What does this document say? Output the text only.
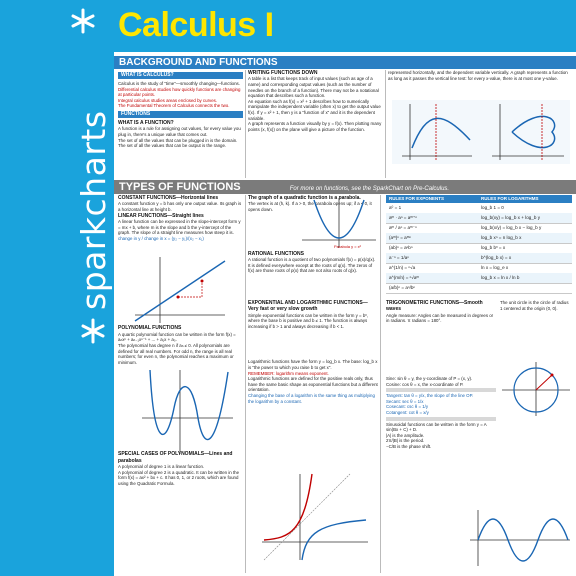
Calculus I
sparkcharts
BACKGROUND AND FUNCTIONS
WHAT IS CALCULUS?
Calculus is the study of "time"—smoothly changing—functions.
Differential calculus studies how quickly functions are changing at particular points.
Integral calculus studies areas enclosed by curves.
The Fundamental Theorem of Calculus connects the two.
FUNCTIONS
WHAT IS A FUNCTION?
A function is a rule for assigning out values, for every value you plug in, there's a unique value that comes out.
The set of all the values that can be plugged in is the domain.
The set of all the values that can be output is the range.
WRITING FUNCTIONS DOWN
A table is a list that keeps track of input values (such as age of a name) and corresponding output values (such as the number of needles on the branch of a function). There may not be a notational equation that describes such a function.
An equation such as f(x) = x² + 1 describes how to numerically manipulate the independent variable (often x) to get the output value f(x). If y = x² + 1, then y is a "function of x" and it is the dependent variable.
A graph represents a function visually by y = f(x). Then plotting many points (x, f(x)) on the plane will give a picture of the function.
represented horizontally, and the dependent variable vertically. A graph represents a function as long as it passes the vertical line test: for every x-value, there is at most one y-value.
TYPES OF FUNCTIONS	For more on functions, see the SparkChart on Pre-Calculus.
CONSTANT FUNCTIONS—Horizontal lines
A constant function y = b has only one output value. Its graph is a horizontal line at height b.
LINEAR FUNCTIONS—Straight lines
A linear function can be expressed in the slope-intercept form y = mx + b, where m is the slope and b the y-intercept of the graph. The slope of a straight line measures how steep it is.
change in y / change in x = (y₂ − y₁)/(x₂ − x₁)
POLYNOMIAL FUNCTIONS
A quartic polynomial function can be written in the form f(x) = aₙxⁿ + aₙ₋₁xⁿ⁻¹ + ... + a₁x + a₀.
The polynomial has degree n if aₙ ≠ 0. All polynomials are defined for all real numbers. For odd n, the range is all real numbers; for even n, the polynomial reaches a maximum or minimum.
SPECIAL CASES OF POLYNOMIALS—Lines and parabolas
A polynomial of degree 1 is a linear function.
A polynomial of degree 2 is a quadratic. It can be written in the form f(x) = ax² + bx + c. It has 0, 1, or 2 roots, which are found using the Quadratic Formula.
The graph of a quadratic function is a parabola.
The vertex is at (h, k). If a > 0, the parabola opens up; if a < 0, it opens down.
RATIONAL FUNCTIONS
A rational function is a quotient of two polynomials f(x) = p(x)/q(x). It is defined everywhere except at the roots of q(x). The zeros of f(x) are those roots of p(x) that are not also roots of q(x).
EXPONENTIAL AND LOGARITHMIC FUNCTIONS—Very fast or very slow growth
Simple exponential functions can be written in the form y = bˣ, where the base b is positive and b ≠ 1. The function is always increasing if b > 1 and always decreasing if b < 1.
Logarithmic functions have the form y = log_b x. The base: log_b x is "the power to which you raise b to get x".
REMEMBER: logarithm means exponent.
Logarithmic functions are defined for the positive reals only, thus have the same basic shape as exponential functions but a different orientation.
Changing the base of a logarithm is the same thing as multiplying the logarithm by a constant.
Parabola y = x²
RULES FOR EXPONENTS	RULES FOR LOGARITHMS
a⁰ = 1	log_b 1 = 0
aᵐ · aⁿ = aᵐ⁺ⁿ	log_b(xy) = log_b x + log_b y
aᵐ / aⁿ = aᵐ⁻ⁿ	log_b(x/y) = log_b x − log_b y
(aᵐ)ⁿ = aᵐⁿ	log_b xⁿ = n log_b x
(ab)ⁿ = aⁿbⁿ	log_b bˣ = x
a⁻ⁿ = 1/aⁿ	b^(log_b x) = x
a^(1/n) = ⁿ√a	ln x = log_e x
a^(m/n) = ⁿ√aᵐ	log_b x = ln x / ln b
(a/b)ⁿ = aⁿ/bⁿ
TRIGONOMETRIC FUNCTIONS—Smooth waves
Angle measure: Angles can be measured in degrees or in radians. π radians = 180°.
Sine: sin θ = y, the y-coordinate of P = (x, y).
Cosine: cos θ = x, the x-coordinate of P.

Tangent: tan θ = y/x, the slope of the line OP.
Secant: sec θ = 1/x
Cosecant: csc θ = 1/y
Cotangent: cot θ = x/y

Sinusoidal functions can be written in the form y = A sin(Bx + C) + D.
|A| is the amplitude.
2π/|B| is the period.
−C/B is the phase shift.
The unit circle is the circle of radius 1 centered at the origin (0, 0).
